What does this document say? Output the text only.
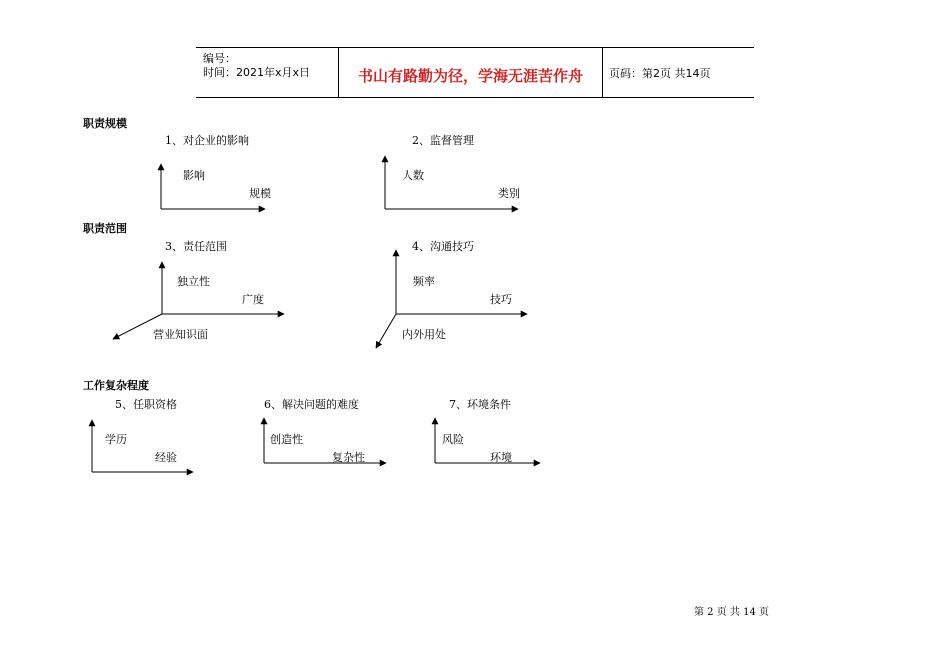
编号：
时间：2021年x月x日	书山有路勤为径，学海无涯苦作舟	页码：第2页 共14页
职责规模
职责范围
工作复杂程度
1、对企业的影响
影响
规模
2、监督管理
人数
类别
3、责任范围
独立性
广度
营业知识面
4、沟通技巧
频率
技巧
内外用处
5、任职资格
学历
经验
6、解决问题的难度
创造性
复杂性
7、环境条件
风险
环境
第 2 页 共 14 页
